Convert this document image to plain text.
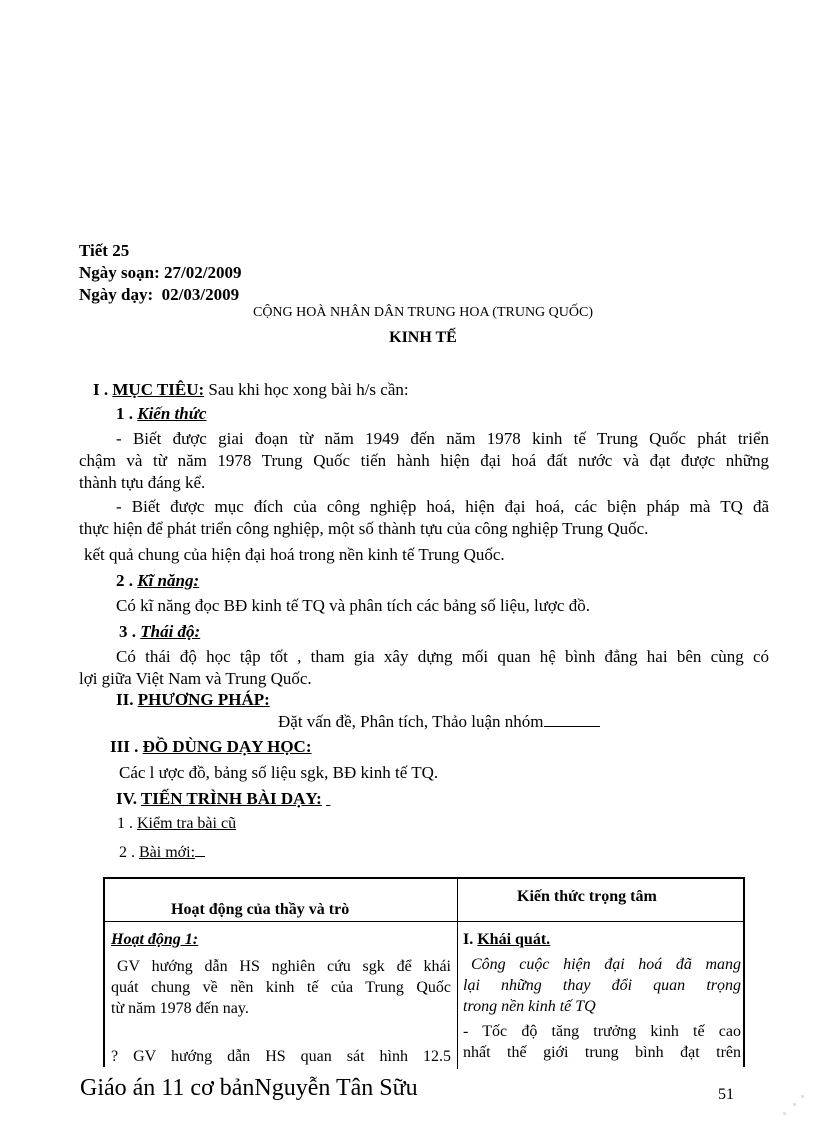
Tiết 25
Ngày soạn: 27/02/2009
Ngày dạy: 02/03/2009
CỘNG HOÀ NHÂN DÂN TRUNG HOA (TRUNG QUỐC)
KINH TẾ
I . MỤC TIÊU: Sau khi học xong bài h/s cần:
1 . Kiến thức
- Biết được giai đoạn từ năm 1949 đến năm 1978 kinh tế Trung Quốc phát triển
chậm và từ năm 1978 Trung Quốc tiến hành hiện đại hoá đất nước và đạt được những
thành tựu đáng kể.
- Biết được mục đích của công nghiệp hoá, hiện đại hoá, các biện pháp mà TQ đã
thực hiện để phát triển công nghiệp, một số thành tựu của công nghiệp Trung Quốc.
kết quả chung của hiện đại hoá trong nền kinh tế Trung Quốc.
2 . Kĩ năng:
Có kĩ năng đọc BĐ kinh tế TQ và phân tích các bảng số liệu, lược đồ.
3 . Thái độ:
Có thái độ học tập tốt , tham gia xây dựng mối quan hệ bình đẳng hai bên cùng có
lợi giữa Việt Nam và Trung Quốc.
II. PHƯƠNG PHÁP:
Đặt vấn đề, Phân tích, Thảo luận nhóm
III . ĐỒ DÙNG DẠY HỌC:
Các l ược đồ, bảng số liệu sgk, BĐ kinh tế TQ.
IV. TIẾN TRÌNH BÀI DẠY:
1 . Kiểm tra bài cũ
2 . Bài mới:
Hoạt động của thầy và trò
Kiến thức trọng tâm
Hoạt động 1:
GV hướng dẫn HS nghiên cứu sgk để khái
quát chung về nền kinh tế của Trung Quốc
từ năm 1978 đến nay.
? GV hướng dẫn HS quan sát hình 12.5
I. Khái quát.
Công cuộc hiện đại hoá đã mang
lại những thay đổi quan trọng
trong nền kinh tế TQ
- Tốc độ tăng trưởng kinh tế cao
nhất thế giới trung bình đạt trên
Giáo án 11 cơ bảnNguyễn Tân Sữu	51
